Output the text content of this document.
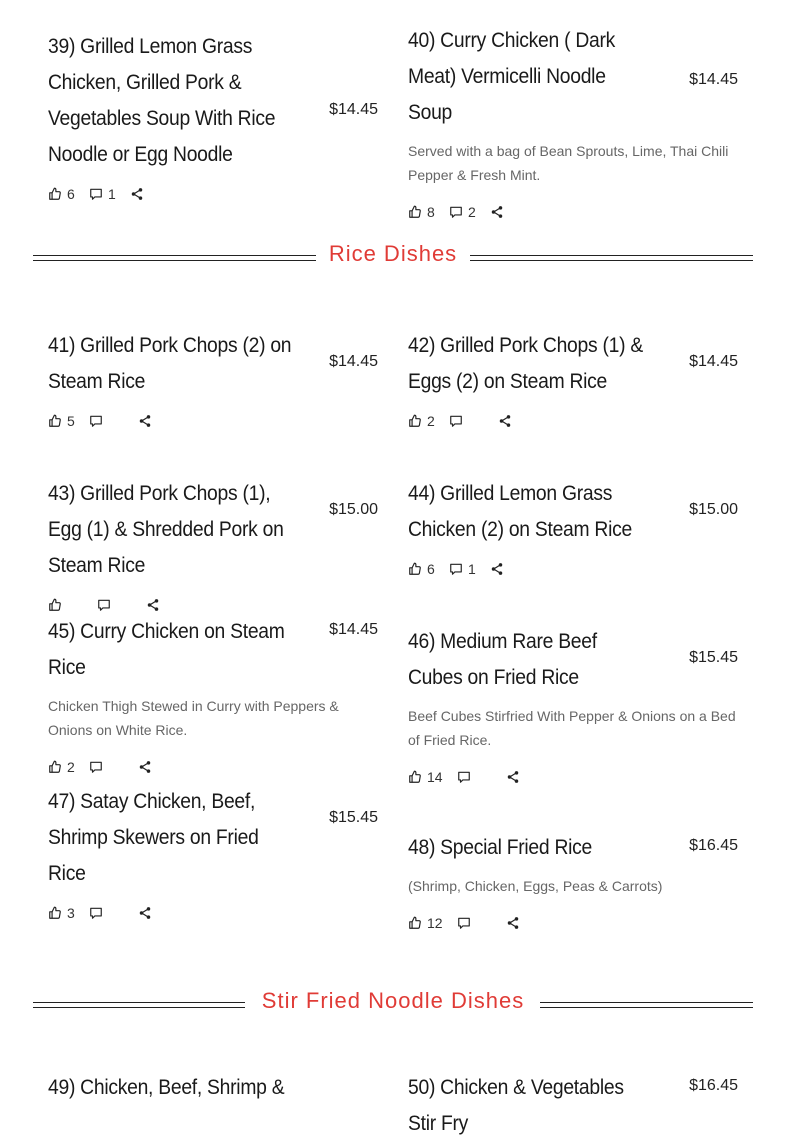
Rice Dishes
Stir Fried Noodle Dishes
39) Grilled Lemon Grass Chicken, Grilled Pork & Vegetables Soup With Rice Noodle or Egg Noodle
$14.45
6 1
40) Curry Chicken ( Dark Meat) Vermicelli Noodle Soup
$14.45
Served with a bag of Bean Sprouts, Lime, Thai Chili Pepper & Fresh Mint.
8 2
41) Grilled Pork Chops (2) on Steam Rice
$14.45
5
42) Grilled Pork Chops (1) & Eggs (2) on Steam Rice
$14.45
2
43) Grilled Pork Chops (1), Egg (1) & Shredded Pork on Steam Rice
$15.00
44) Grilled Lemon Grass Chicken (2) on Steam Rice
$15.00
6 1
45) Curry Chicken on Steam Rice
$14.45
Chicken Thigh Stewed in Curry with Peppers & Onions on White Rice.
2
46) Medium Rare Beef Cubes on Fried Rice
$15.45
Beef Cubes Stirfried With Pepper & Onions on a Bed of Fried Rice.
14
47) Satay Chicken, Beef, Shrimp Skewers on Fried Rice
$15.45
3
48) Special Fried Rice	$16.45
(Shrimp, Chicken, Eggs, Peas & Carrots)
12
49) Chicken, Beef, Shrimp &	50) Chicken & Vegetables Stir Fry
$16.45
